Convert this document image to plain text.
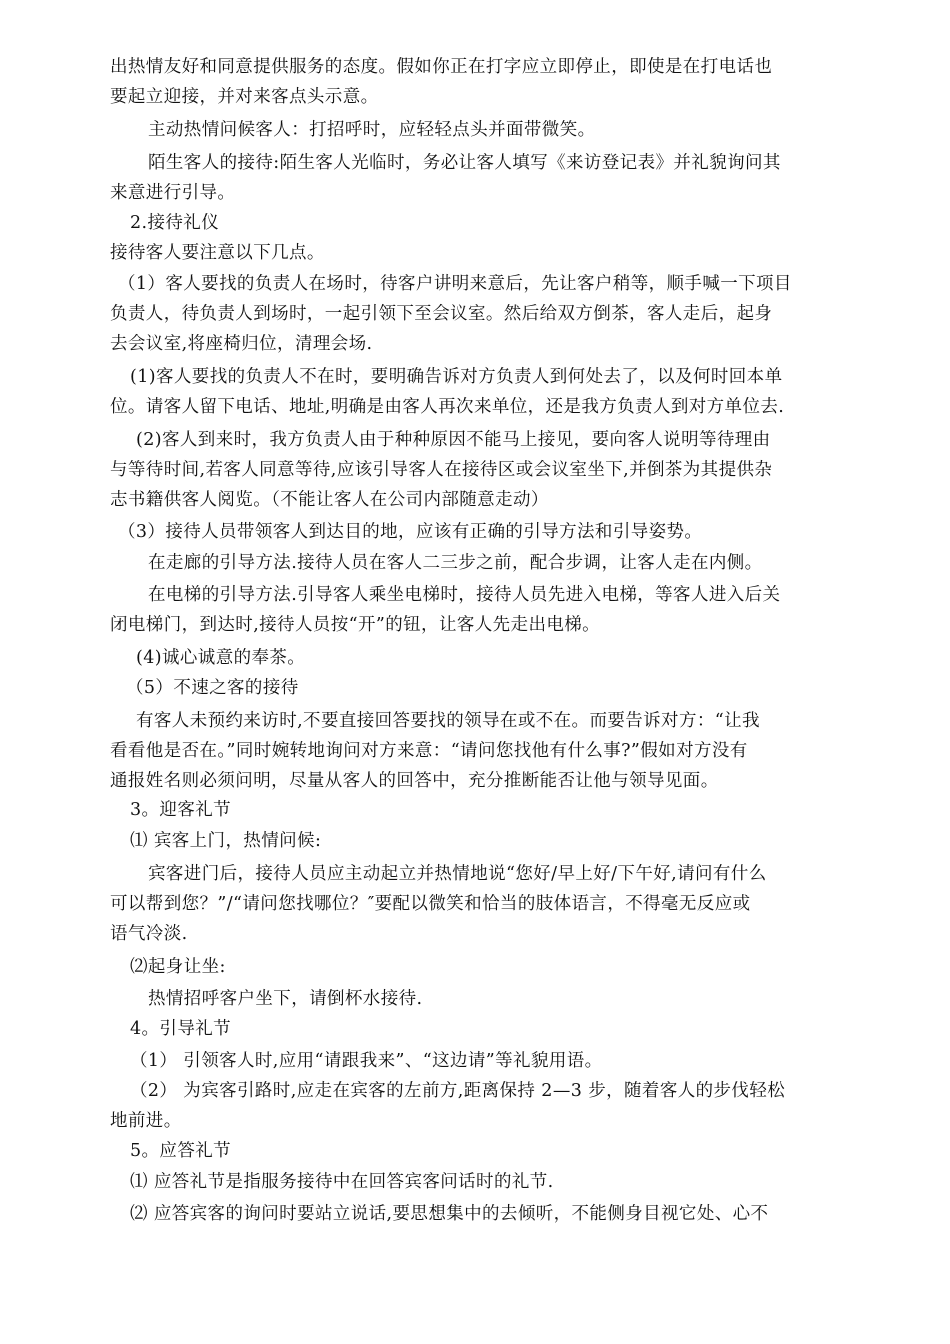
出热情友好和同意提供服务的态度。假如你正在打字应立即停止，即使是在打电话也
要起立迎接，并对来客点头示意。
主动热情问候客人：打招呼时，应轻轻点头并面带微笑。
陌生客人的接待:陌生客人光临时，务必让客人填写《来访登记表》并礼貌询问其
来意进行引导。
2.接待礼仪
接待客人要注意以下几点。
（1）客人要找的负责人在场时，待客户讲明来意后，先让客户稍等，顺手喊一下项目
负责人，待负责人到场时，一起引领下至会议室。然后给双方倒茶，客人走后，起身
去会议室,将座椅归位，清理会场.
(1)客人要找的负责人不在时，要明确告诉对方负责人到何处去了，以及何时回本单
位。请客人留下电话、地址,明确是由客人再次来单位，还是我方负责人到对方单位去.
(2)客人到来时，我方负责人由于种种原因不能马上接见，要向客人说明等待理由
与等待时间,若客人同意等待,应该引导客人在接待区或会议室坐下,并倒茶为其提供杂
志书籍供客人阅览。（不能让客人在公司内部随意走动）
（3）接待人员带领客人到达目的地，应该有正确的引导方法和引导姿势。
在走廊的引导方法.接待人员在客人二三步之前，配合步调，让客人走在内侧。
在电梯的引导方法.引导客人乘坐电梯时，接待人员先进入电梯，等客人进入后关
闭电梯门，到达时,接待人员按“开”的钮，让客人先走出电梯。
(4)诚心诚意的奉茶。
（5）不速之客的接待
有客人未预约来访时,不要直接回答要找的领导在或不在。而要告诉对方：“让我
看看他是否在。”同时婉转地询问对方来意：“请问您找他有什么事?”假如对方没有
通报姓名则必须问明，尽量从客人的回答中，充分推断能否让他与领导见面。
3。迎客礼节
⑴ 宾客上门，热情问候:
宾客进门后，接待人员应主动起立并热情地说“您好/早上好/下午好,请问有什么
可以帮到您？”/“请问您找哪位？″要配以微笑和恰当的肢体语言，不得毫无反应或
语气冷淡.
⑵起身让坐:
热情招呼客户坐下，请倒杯水接待.
4。引导礼节
（1） 引领客人时,应用“请跟我来”、“这边请”等礼貌用语。
（2） 为宾客引路时,应走在宾客的左前方,距离保持 2—3 步，随着客人的步伐轻松
地前进。
5。应答礼节
⑴ 应答礼节是指服务接待中在回答宾客问话时的礼节.
⑵ 应答宾客的询问时要站立说话,要思想集中的去倾听，不能侧身目视它处、心不
